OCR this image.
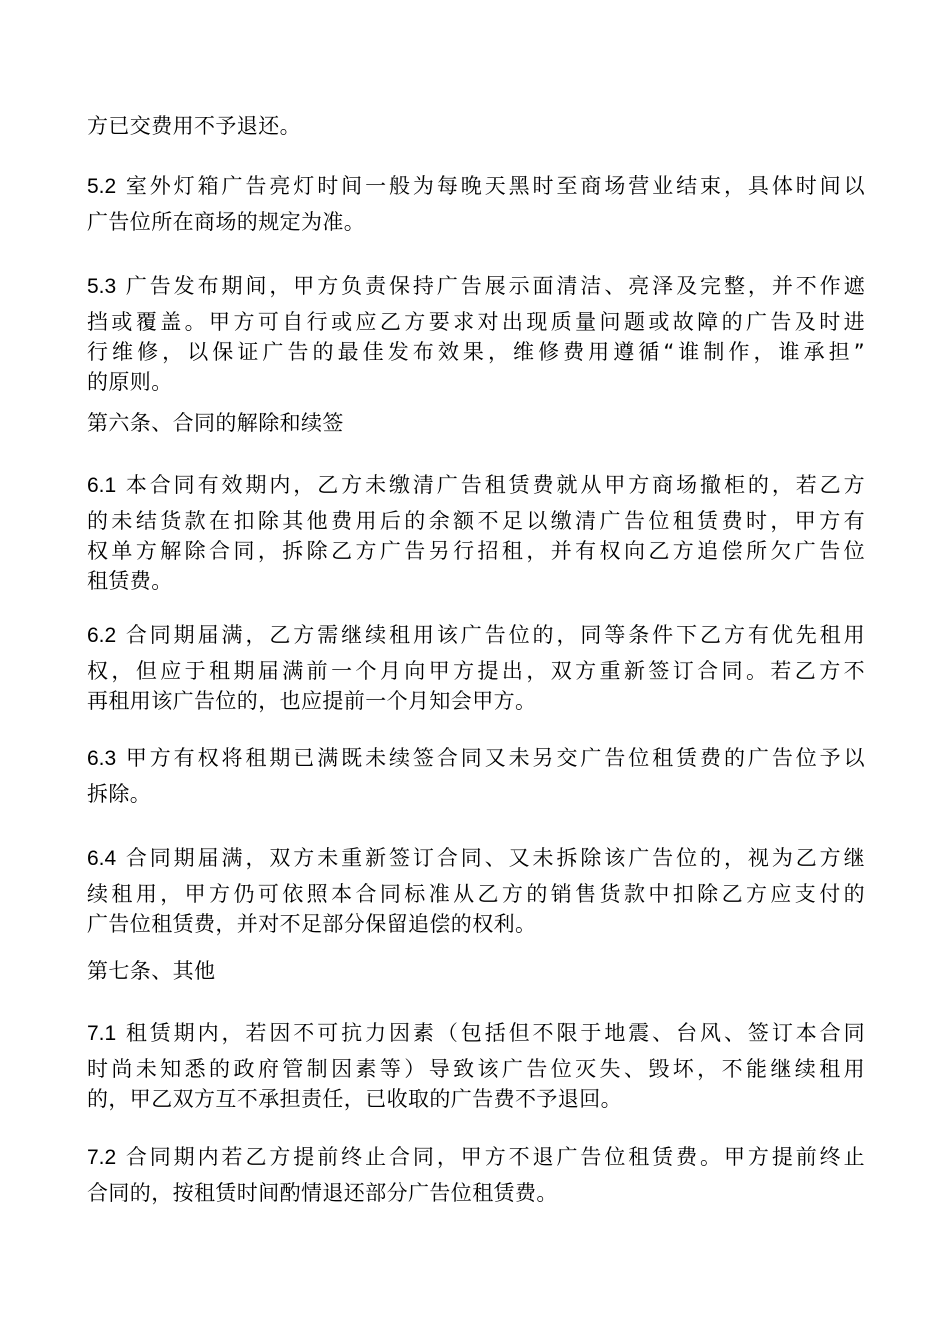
方已交费用不予退还。
5.2 室外灯箱广告亮灯时间一般为每晚天黑时至商场营业结束，具体时间以
广告位所在商场的规定为准。
5.3 广告发布期间，甲方负责保持广告展示面清洁、亮泽及完整，并不作遮
挡或覆盖。甲方可自行或应乙方要求对出现质量问题或故障的广告及时进
行维修，以保证广告的最佳发布效果，维修费用遵循“谁制作，谁承担”
的原则。
第六条、合同的解除和续签
6.1 本合同有效期内，乙方未缴清广告租赁费就从甲方商场撤柜的，若乙方
的未结货款在扣除其他费用后的余额不足以缴清广告位租赁费时，甲方有
权单方解除合同，拆除乙方广告另行招租，并有权向乙方追偿所欠广告位
租赁费。
6.2 合同期届满，乙方需继续租用该广告位的，同等条件下乙方有优先租用
权，但应于租期届满前一个月向甲方提出，双方重新签订合同。若乙方不
再租用该广告位的，也应提前一个月知会甲方。
6.3 甲方有权将租期已满既未续签合同又未另交广告位租赁费的广告位予以
拆除。
6.4 合同期届满，双方未重新签订合同、又未拆除该广告位的，视为乙方继
续租用，甲方仍可依照本合同标准从乙方的销售货款中扣除乙方应支付的
广告位租赁费，并对不足部分保留追偿的权利。
第七条、其他
7.1 租赁期内，若因不可抗力因素（包括但不限于地震、台风、签订本合同
时尚未知悉的政府管制因素等）导致该广告位灭失、毁坏，不能继续租用
的，甲乙双方互不承担责任，已收取的广告费不予退回。
7.2 合同期内若乙方提前终止合同，甲方不退广告位租赁费。甲方提前终止
合同的，按租赁时间酌情退还部分广告位租赁费。
